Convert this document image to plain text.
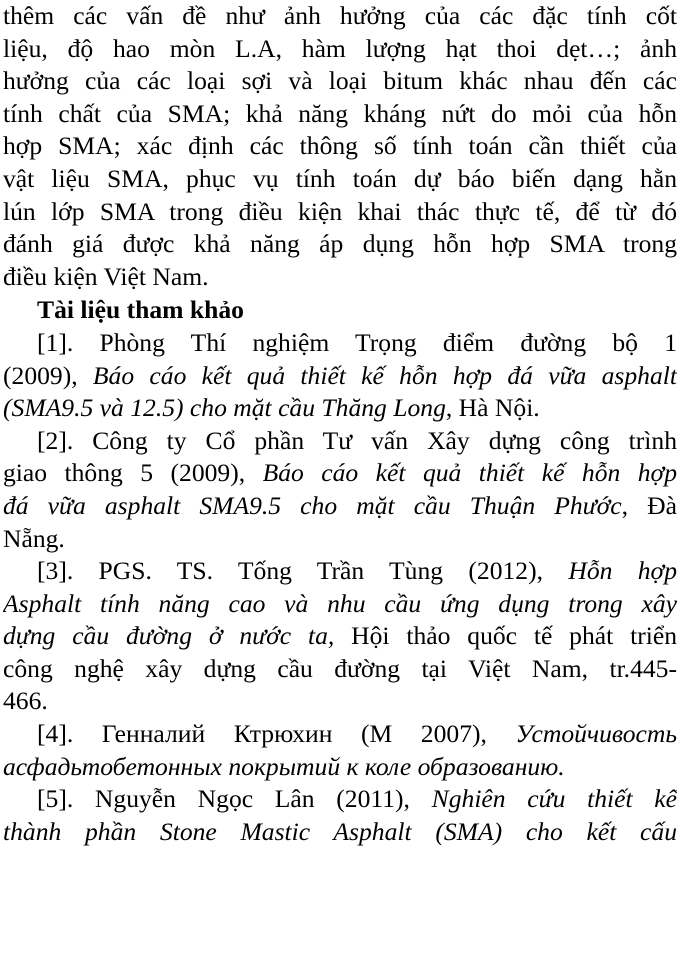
thêm các vấn đề như ảnh hưởng của các đặc tính cốt
liệu, độ hao mòn L.A, hàm lượng hạt thoi dẹt…; ảnh
hưởng của các loại sợi và loại bitum khác nhau đến các
tính chất của SMA; khả năng kháng nứt do mỏi của hỗn
hợp SMA; xác định các thông số tính toán cần thiết của
vật liệu SMA, phục vụ tính toán dự báo biến dạng hằn
lún lớp SMA trong điều kiện khai thác thực tế, để từ đó
đánh giá được khả năng áp dụng hỗn hợp SMA trong
điều kiện Việt Nam.
Tài liệu tham khảo
[1]. Phòng Thí nghiệm Trọng điểm đường bộ 1
(2009), Báo cáo kết quả thiết kế hỗn hợp đá vữa asphalt
(SMA9.5 và 12.5) cho mặt cầu Thăng Long, Hà Nội.
[2]. Công ty Cổ phần Tư vấn Xây dựng công trình
giao thông 5 (2009), Báo cáo kết quả thiết kế hỗn hợp
đá vữa asphalt SMA9.5 cho mặt cầu Thuận Phước, Đà
Nẵng.
[3]. PGS. TS. Tống Trần Tùng (2012), Hỗn hợp
Asphalt tính năng cao và nhu cầu ứng dụng trong xây
dựng cầu đường ở nước ta, Hội thảo quốc tế phát triển
công nghệ xây dựng cầu đường tại Việt Nam, tr.445-
466.
[4]. Генналий Ктрюхин (М 2007), Устойчивость
асфадьтобетонных покрытий к коле образованию.
[5]. Nguyễn Ngọc Lân (2011), Nghiên cứu thiết kế
thành phần Stone Mastic Asphalt (SMA) cho kết cấu
